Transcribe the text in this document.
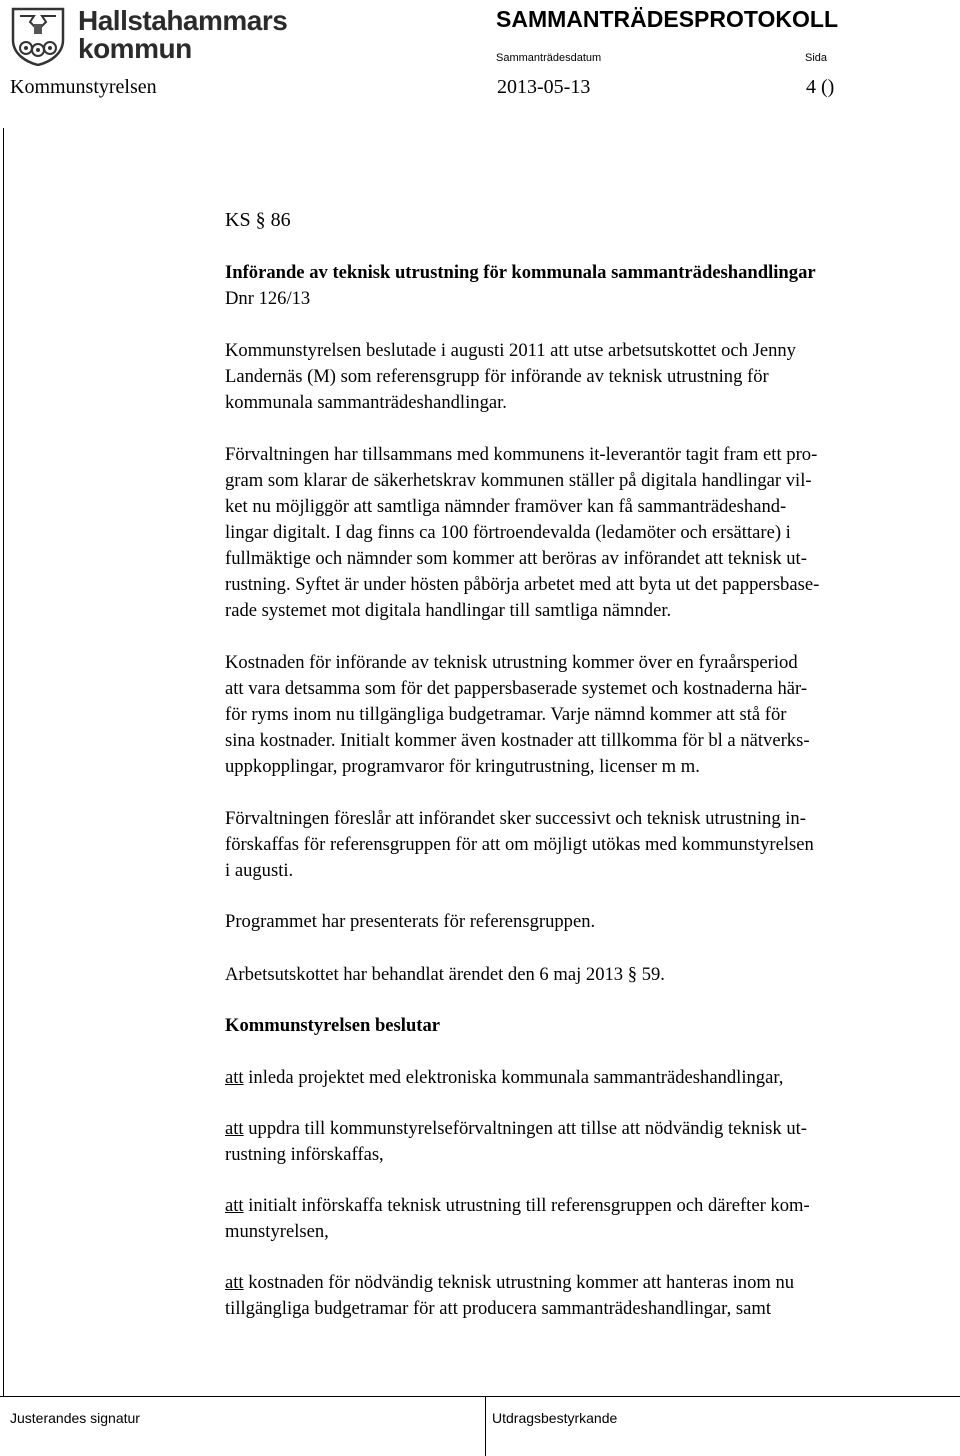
Hallstahammars
kommun
SAMMANTRÄDESPROTOKOLL
Sammanträdesdatum	Sida
Kommunstyrelsen	2013-05-13	4 ()

KS § 86

Införande av teknisk utrustning för kommunala sammanträdeshandlingar

Dnr 126/13

Kommunstyrelsen beslutade i augusti 2011 att utse arbetsutskottet och Jenny

Landernäs (M) som referensgrupp för införande av teknisk utrustning för

kommunala sammanträdeshandlingar.

Förvaltningen har tillsammans med kommunens it-leverantör tagit fram ett pro-

gram som klarar de säkerhetskrav kommunen ställer på digitala handlingar vil-

ket nu möjliggör att samtliga nämnder framöver kan få sammanträdeshand-

lingar digitalt. I dag finns ca 100 förtroendevalda (ledamöter och ersättare) i

fullmäktige och nämnder som kommer att beröras av införandet att teknisk ut-

rustning. Syftet är under hösten påbörja arbetet med att byta ut det pappersbase-

rade systemet mot digitala handlingar till samtliga nämnder.

Kostnaden för införande av teknisk utrustning kommer över en fyraårsperiod

att vara detsamma som för det pappersbaserade systemet och kostnaderna här-

för ryms inom nu tillgängliga budgetramar. Varje nämnd kommer att stå för

sina kostnader. Initialt kommer även kostnader att tillkomma för bl a nätverks-

uppkopplingar, programvaror för kringutrustning, licenser m m.

Förvaltningen föreslår att införandet sker successivt och teknisk utrustning in-

förskaffas för referensgruppen för att om möjligt utökas med kommunstyrelsen

i augusti.

Programmet har presenterats för referensgruppen.

Arbetsutskottet har behandlat ärendet den 6 maj 2013 § 59.

Kommunstyrelsen beslutar

att inleda projektet med elektroniska kommunala sammanträdeshandlingar,

att uppdra till kommunstyrelseförvaltningen att tillse att nödvändig teknisk ut-

rustning införskaffas,

att initialt införskaffa teknisk utrustning till referensgruppen och därefter kom-

munstyrelsen,

att kostnaden för nödvändig teknisk utrustning kommer att hanteras inom nu

tillgängliga budgetramar för att producera sammanträdeshandlingar, samt

Justerandes signatur	Utdragsbestyrkande
